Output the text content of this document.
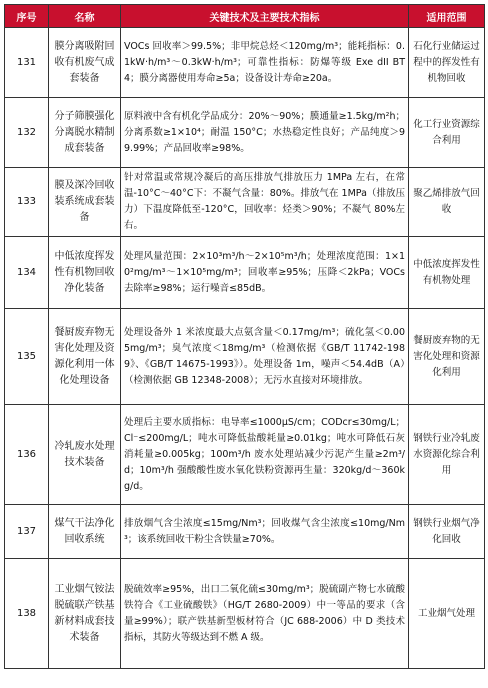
序号	名称	关键技术及主要技术指标	适用范围
131	膜分离吸附回收有机废气成套装备	VOCs 回收率＞99.5%；非甲烷总烃＜120mg/m³；能耗指标：0.1kW·h/m³～0.3kW·h/m³；可靠性指标：防爆等级 Exe dII BT4；膜分离器使用寿命≥5a；设备设计寿命≥20a。	石化行业储运过程中的挥发性有机物回收
132	分子筛膜强化分离脱水精制成套装备	原料液中含有机化学品成分：20%～90%；膜通量≥1.5kg/m²h；分离系数≥1×10⁴；耐温 150°C；水热稳定性良好；产品纯度＞99.99%；产品回收率≥98%。	化工行业资源综合利用
133	膜及深冷回收装系统成套装备	针对常温或常规冷凝后的高压排放气排放压力 1MPa 左右，在常温-10°C～40°C下：不凝气含量：80%。排放气在 1MPa（排放压力）下温度降低至-120°C，回收率：烃类＞90%；不凝气 80%左右。	聚乙烯排放气回收
134	中低浓度挥发性有机物回收净化装备	处理风量范围：2×10³m³/h～2×10⁵m³/h；处理浓度范围：1×10²mg/m³～1×10⁵mg/m³；回收率≥95%；压降＜2kPa；VOCs 去除率≥98%；运行噪音≤85dB。	中低浓度挥发性有机物处理
135	餐厨废弃物无害化处理及资源化利用一体化处理设备	处理设备外 1 米浓度最大点氨含量＜0.17mg/m³；硫化氢＜0.005mg/m³；臭气浓度＜18mg/m³（检测依据《GB/T 11742-1989》、《GB/T 14675-1993》）。处理设备 1m，噪声＜54.4dB（A）（检测依据 GB 12348-2008）；无污水直接对环境排放。	餐厨废弃物的无害化处理和资源化利用
136	冷轧废水处理技术装备	处理后主要水质指标：电导率≤1000μS/cm；CODcr≤30mg/L；Cl⁻≤200mg/L；吨水可降低盐酸耗量≥0.01kg；吨水可降低石灰消耗量≥0.005kg；100m³/h 废水处理站减少污泥产生量≥2m³/d；10m³/h 强酸酸性废水氧化铁粉资源再生量：320kg/d～360kg/d。	钢铁行业冷轧废水资源化综合利用
137	煤气干法净化回收系统	排放烟气含尘浓度≤15mg/Nm³；回收煤气含尘浓度≤10mg/Nm³；该系统回收干粉尘含铁量≥70%。	钢铁行业烟气净化回收
138	工业烟气铵法脱硫联产铁基新材料成套技术装备	脱硫效率≥95%，出口二氧化硫≤30mg/m³；脱硫副产物七水硫酸铁符合《工业硫酸铁》（HG/T 2680-2009）中一等品的要求（含量≥99%）；联产铁基新型板材符合（JC 688-2006）中 D 类技术指标，其防火等级达到不燃 A 级。	工业烟气处理
